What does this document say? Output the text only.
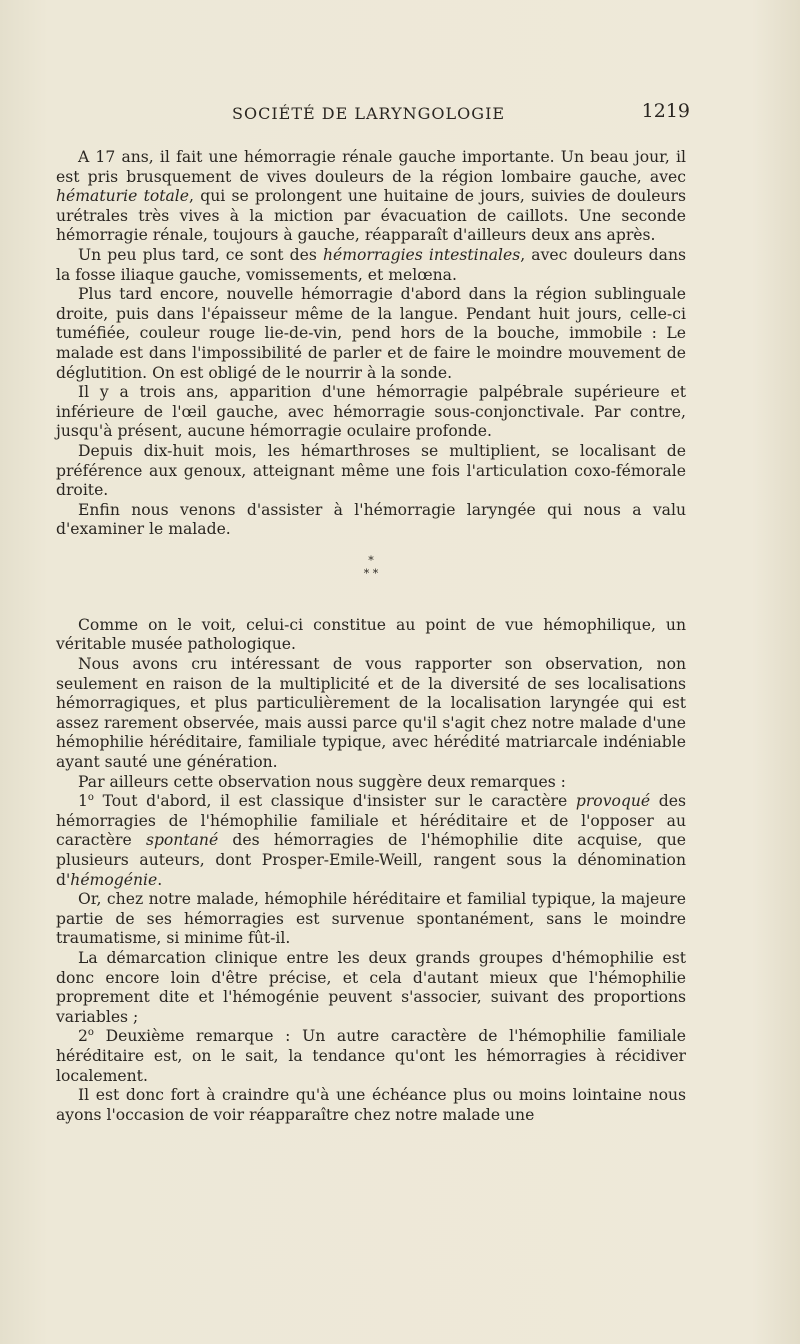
SOCIÉTÉ DE LARYNGOLOGIE	1219

A 17 ans, il fait une hémorragie rénale gauche importante. Un beau jour, il est pris brusquement de vives douleurs de la région lombaire gauche, avec hématurie totale, qui se prolongent une huitaine de jours, suivies de douleurs urétrales très vives à la miction par évacuation de caillots. Une seconde hémorragie rénale, toujours à gauche, réapparaît d'ailleurs deux ans après.

Un peu plus tard, ce sont des hémorragies intestinales, avec douleurs dans la fosse iliaque gauche, vomissements, et melœna.

Plus tard encore, nouvelle hémorragie d'abord dans la région sublinguale droite, puis dans l'épaisseur même de la langue. Pendant huit jours, celle-ci tuméfiée, couleur rouge lie-de-vin, pend hors de la bouche, immobile : Le malade est dans l'impossibilité de parler et de faire le moindre mouvement de déglutition. On est obligé de le nourrir à la sonde.

Il y a trois ans, apparition d'une hémorragie palpébrale supérieure et inférieure de l'œil gauche, avec hémorragie sous-conjonctivale. Par contre, jusqu'à présent, aucune hémorragie oculaire profonde.

Depuis dix-huit mois, les hémarthroses se multiplient, se localisant de préférence aux genoux, atteignant même une fois l'articulation coxo-fémorale droite.

Enfin nous venons d'assister à l'hémorragie laryngée qui nous a valu d'examiner le malade.

*
* *

Comme on le voit, celui-ci constitue au point de vue hémophilique, un véritable musée pathologique.

Nous avons cru intéressant de vous rapporter son observation, non seulement en raison de la multiplicité et de la diversité de ses localisations hémorragiques, et plus particulièrement de la localisation laryngée qui est assez rarement observée, mais aussi parce qu'il s'agit chez notre malade d'une hémophilie héréditaire, familiale typique, avec hérédité matriarcale indéniable ayant sauté une génération.

Par ailleurs cette observation nous suggère deux remarques :

1$^o$ Tout d'abord, il est classique d'insister sur le caractère provoqué des hémorragies de l'hémophilie familiale et héréditaire et de l'opposer au caractère spontané des hémorragies de l'hémophilie dite acquise, que plusieurs auteurs, dont Prosper-Emile-Weill, rangent sous la dénomination d'hémogénie.

Or, chez notre malade, hémophile héréditaire et familial typique, la majeure partie de ses hémorragies est survenue spontanément, sans le moindre traumatisme, si minime fût-il.

La démarcation clinique entre les deux grands groupes d'hémophilie est donc encore loin d'être précise, et cela d'autant mieux que l'hémophilie proprement dite et l'hémogénie peuvent s'associer, suivant des proportions variables ;

2$^o$ Deuxième remarque : Un autre caractère de l'hémophilie familiale héréditaire est, on le sait, la tendance qu'ont les hémorragies à récidiver localement.

Il est donc fort à craindre qu'à une échéance plus ou moins lointaine nous ayons l'occasion de voir réapparaître chez notre malade une
